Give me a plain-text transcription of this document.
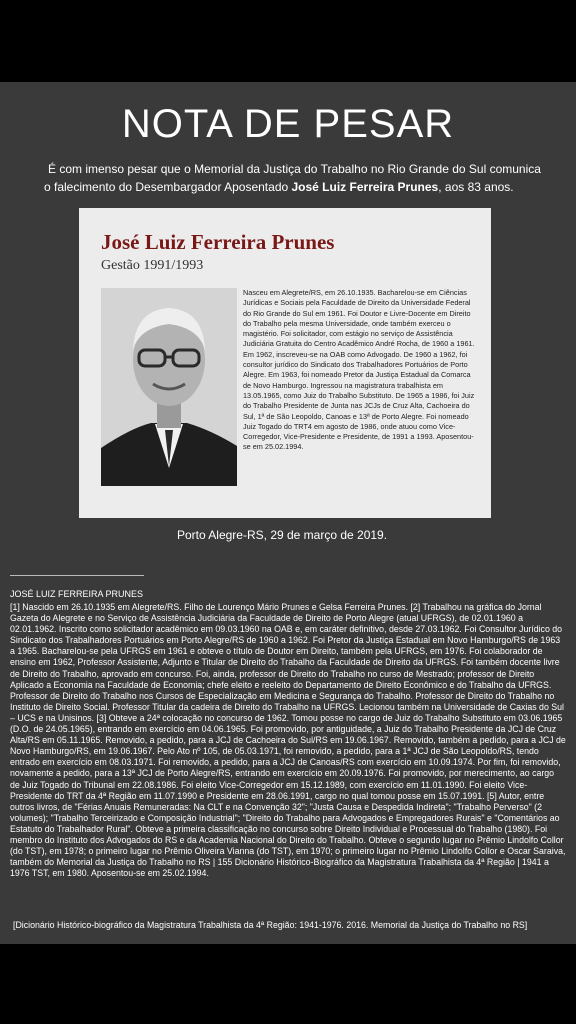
NOTA DE PESAR

É com imenso pesar que o Memorial da Justiça do Trabalho no Rio Grande do Sul comunica o falecimento do Desembargador Aposentado José Luiz Ferreira Prunes, aos 83 anos.

José Luiz Ferreira Prunes
Gestão 1991/1993

Nasceu em Alegrete/RS, em 26.10.1935. Bacharelou-se em Ciências Jurídicas e Sociais pela Faculdade de Direito da Universidade Federal do Rio Grande do Sul em 1961. Foi Doutor e Livre-Docente em Direito do Trabalho pela mesma Universidade, onde também exerceu o magistério. Foi solicitador, com estágio no serviço de Assistência Judiciária Gratuita do Centro Acadêmico André Rocha, de 1960 a 1961. Em 1962, inscreveu-se na OAB como Advogado. De 1960 a 1962, foi consultor jurídico do Sindicato dos Trabalhadores Portuários de Porto Alegre. Em 1963, foi nomeado Pretor da Justiça Estadual da Comarca de Novo Hamburgo. Ingressou na magistratura trabalhista em 13.05.1965, como Juiz do Trabalho Substituto. De 1965 a 1986, foi Juiz do Trabalho Presidente de Junta nas JCJs de Cruz Alta, Cachoeira do Sul, 1ª de São Leopoldo, Canoas e 13ª de Porto Alegre. Foi nomeado Juiz Togado do TRT4 em agosto de 1986, onde atuou como Vice-Corregedor, Vice-Presidente e Presidente, de 1991 a 1993. Aposentou-se em 25.02.1994.

Porto Alegre-RS, 29 de março de 2019.
JOSÉ LUIZ FERREIRA PRUNES

[1] Nascido em 26.10.1935 em Alegrete/RS. Filho de Lourenço Mário Prunes e Gelsa Ferreira Prunes. [2] Trabalhou na gráfica do Jornal Gazeta do Alegrete e no Serviço de Assistência Judiciária da Faculdade de Direito de Porto Alegre (atual UFRGS), de 02.01.1960 a 02.01.1962. Inscrito como solicitador acadêmico em 09.03.1960 na OAB e, em caráter definitivo, desde 27.03.1962. Foi Consultor Jurídico do Sindicato dos Trabalhadores Portuários em Porto Alegre/RS de 1960 a 1962. Foi Pretor da Justiça Estadual em Novo Hamburgo/RS de 1963 a 1965. Bacharelou-se pela UFRGS em 1961 e obteve o título de Doutor em Direito, também pela UFRGS, em 1976. Foi colaborador de ensino em 1962, Professor Assistente, Adjunto e Titular de Direito do Trabalho da Faculdade de Direito da UFRGS. Foi também docente livre de Direito do Trabalho, aprovado em concurso. Foi, ainda, professor de Direito do Trabalho no curso de Mestrado; professor de Direito Aplicado a Economia na Faculdade de Economia; chefe eleito e reeleito do Departamento de Direito Econômico e do Trabalho da UFRGS. Professor de Direito do Trabalho nos Cursos de Especialização em Medicina e Segurança do Trabalho. Professor de Direito do Trabalho no Instituto de Direito Social. Professor Titular da cadeira de Direito do Trabalho na UFRGS. Lecionou também na Universidade de Caxias do Sul – UCS e na Unisinos. [3] Obteve a 24ª colocação no concurso de 1962. Tomou posse no cargo de Juiz do Trabalho Substituto em 03.06.1965 (D.O. de 24.05.1965), entrando em exercício em 04.06.1965. Foi promovido, por antiguidade, a Juiz do Trabalho Presidente da JCJ de Cruz Alta/RS em 05.11.1965. Removido, a pedido, para a JCJ de Cachoeira do Sul/RS em 19.06.1967. Removido, também a pedido, para a JCJ de Novo Hamburgo/RS, em 19.06.1967. Pelo Ato nº 105, de 05.03.1971, foi removido, a pedido, para a 1ª JCJ de São Leopoldo/RS, tendo entrado em exercício em 08.03.1971. Foi removido, a pedido, para a JCJ de Canoas/RS com exercício em 10.09.1974. Por fim, foi removido, novamente a pedido, para a 13ª JCJ de Porto Alegre/RS, entrando em exercício em 20.09.1976. Foi promovido, por merecimento, ao cargo de Juiz Togado do Tribunal em 22.08.1986. Foi eleito Vice-Corregedor em 15.12.1989, com exercício em 11.01.1990. Foi eleito Vice-Presidente do TRT da 4ª Região em 11.07.1990 e Presidente em 28.06.1991, cargo no qual tomou posse em 15.07.1991. [5] Autor, entre outros livros, de "Férias Anuais Remuneradas: Na CLT e na Convenção 32"; "Justa Causa e Despedida Indireta"; "Trabalho Perverso" (2 volumes); "Trabalho Terceirizado e Composição Industrial"; "Direito do Trabalho para Advogados e Empregadores Rurais" e "Comentários ao Estatuto do Trabalhador Rural". Obteve a primeira classificação no concurso sobre Direito Individual e Processual do Trabalho (1980). Foi membro do Instituto dos Advogados do RS e da Academia Nacional do Direito do Trabalho. Obteve o segundo lugar no Prêmio Lindolfo Collor (do TST), em 1978; o primeiro lugar no Prêmio Oliveira Vianna (do TST), em 1970; o primeiro lugar no Prêmio Lindolfo Collor e Oscar Saraiva, também do Memorial da Justiça do Trabalho no RS | 155 Dicionário Histórico-Biográfico da Magistratura Trabalhista da 4ª Região | 1941 a 1976 TST, em 1980. Aposentou-se em 25.02.1994.

[Dicionário Histórico-biográfico da Magistratura Trabalhista da 4ª Região: 1941-1976. 2016. Memorial da Justiça do Trabalho no RS]
